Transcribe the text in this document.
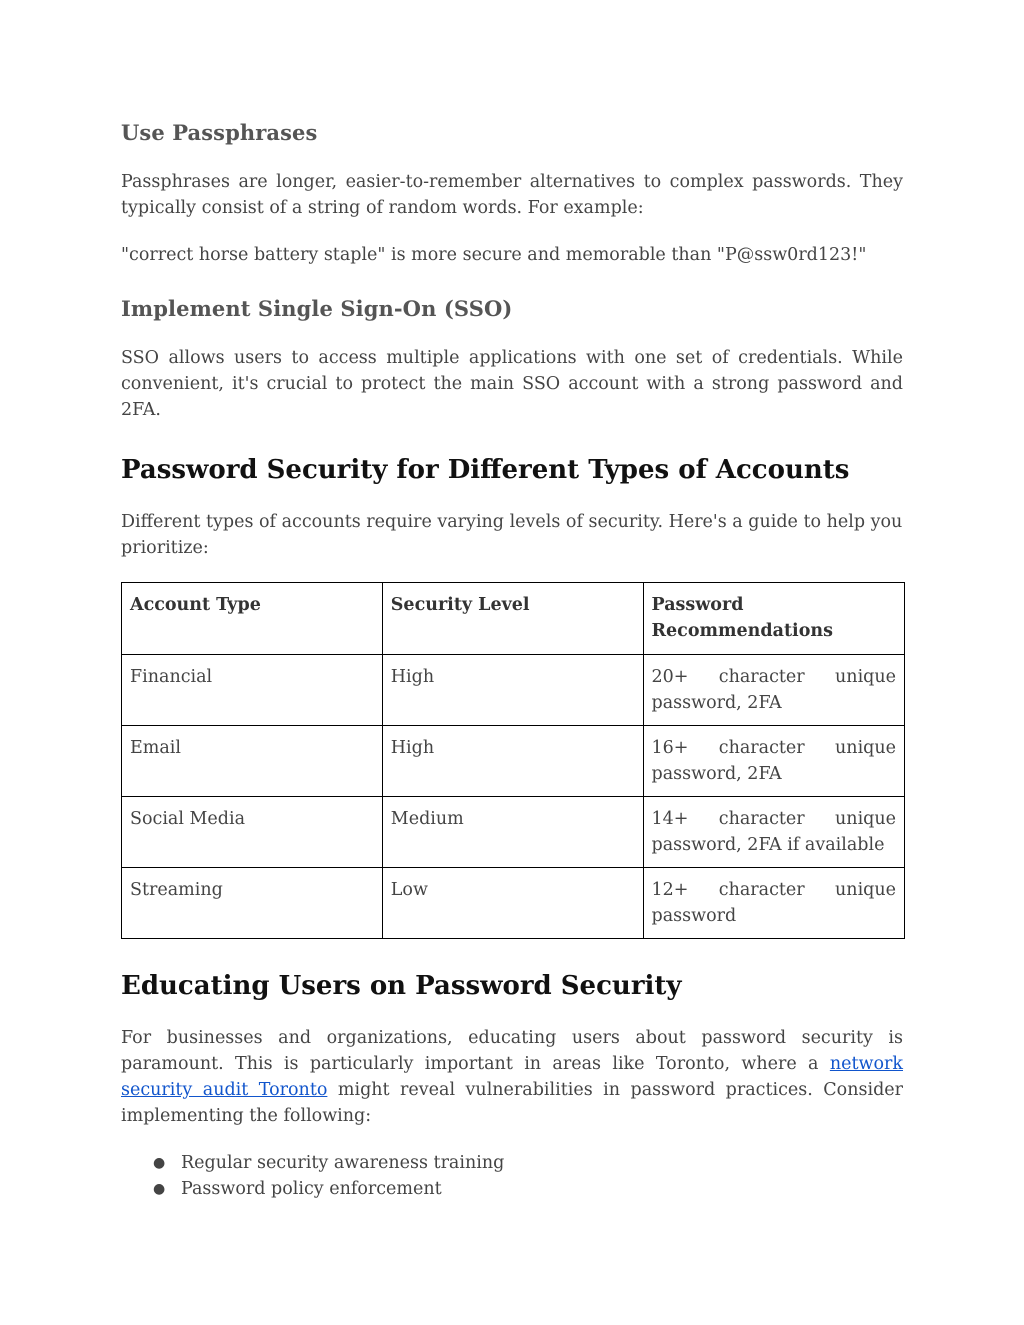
Use Passphrases

Passphrases are longer, easier-to-remember alternatives to complex passwords. They typically consist of a string of random words. For example:

"correct horse battery staple" is more secure and memorable than "P@ssw0rd123!"

Implement Single Sign-On (SSO)

SSO allows users to access multiple applications with one set of credentials. While convenient, it's crucial to protect the main SSO account with a strong password and 2FA.

Password Security for Different Types of Accounts

Different types of accounts require varying levels of security. Here's a guide to help you prioritize:

Account Type	Security Level	Password Recommendations
Financial	High	20+ character unique password, 2FA
Email	High	16+ character unique password, 2FA
Social Media	Medium	14+ character unique password, 2FA if available
Streaming	Low	12+ character unique password
Educating Users on Password Security

For businesses and organizations, educating users about password security is paramount. This is particularly important in areas like Toronto, where a network security audit Toronto might reveal vulnerabilities in password practices. Consider implementing the following:

● Regular security awareness training
● Password policy enforcement
